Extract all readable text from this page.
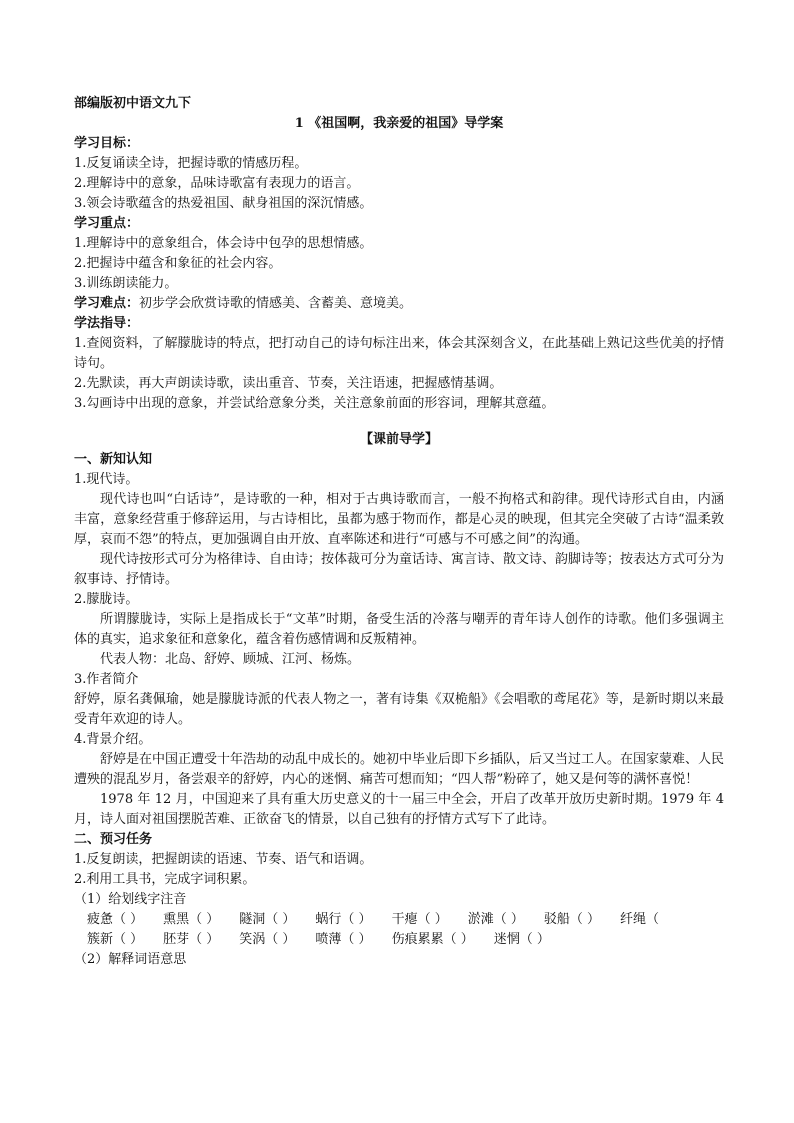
部编版初中语文九下
1 《祖国啊，我亲爱的祖国》导学案
学习目标：
1.反复诵读全诗，把握诗歌的情感历程。
2.理解诗中的意象，品味诗歌富有表现力的语言。
3.领会诗歌蕴含的热爱祖国、献身祖国的深沉情感。
学习重点：
1.理解诗中的意象组合，体会诗中包孕的思想情感。
2.把握诗中蕴含和象征的社会内容。
3.训练朗读能力。
学习难点：初步学会欣赏诗歌的情感美、含蓄美、意境美。
学法指导：
1.查阅资料，了解朦胧诗的特点，把打动自己的诗句标注出来，体会其深刻含义，在此基础上熟记这些优美的抒情诗句。
2.先默读，再大声朗读诗歌，读出重音、节奏，关注语速，把握感情基调。
3.勾画诗中出现的意象，并尝试给意象分类，关注意象前面的形容词，理解其意蕴。
【课前导学】
一、新知认知
1.现代诗。
现代诗也叫“白话诗”，是诗歌的一种，相对于古典诗歌而言，一般不拘格式和韵律。现代诗形式自由，内涵丰富，意象经营重于修辞运用，与古诗相比，虽都为感于物而作，都是心灵的映现，但其完全突破了古诗“温柔敦厚，哀而不怨”的特点，更加强调自由开放、直率陈述和进行“可感与不可感之间”的沟通。
现代诗按形式可分为格律诗、自由诗；按体裁可分为童话诗、寓言诗、散文诗、韵脚诗等；按表达方式可分为叙事诗、抒情诗。
2.朦胧诗。
所谓朦胧诗，实际上是指成长于“文革”时期，备受生活的冷落与嘲弄的青年诗人创作的诗歌。他们多强调主体的真实，追求象征和意象化，蕴含着伤感情调和反叛精神。
代表人物：北岛、舒婷、顾城、江河、杨炼。
3.作者简介
舒婷，原名龚佩瑜，她是朦胧诗派的代表人物之一，著有诗集《双桅船》《会唱歌的鸢尾花》等，是新时期以来最受青年欢迎的诗人。
4.背景介绍。
舒婷是在中国正遭受十年浩劫的动乱中成长的。她初中毕业后即下乡插队，后又当过工人。在国家蒙难、人民遭殃的混乱岁月，备尝艰辛的舒婷，内心的迷惘、痛苦可想而知；“四人帮”粉碎了，她又是何等的满怀喜悦！
1978 年 12 月，中国迎来了具有重大历史意义的十一届三中全会，开启了改革开放历史新时期。1979 年 4 月，诗人面对祖国摆脱苦难、正欲奋飞的情景，以自己独有的抒情方式写下了此诗。
二、预习任务
1.反复朗读，把握朗读的语速、节奏、语气和语调。
2.利用工具书，完成字词积累。
（1）给划线字注音
疲惫（ ） 熏黑（ ） 隧洞（ ） 蜗行（ ） 干瘪（ ） 淤滩（ ） 驳船（ ） 纤绳（
簇新（ ） 胚芽（ ） 笑涡（ ） 喷薄（ ） 伤痕累累（ ） 迷惘（ ）
（2）解释词语意思
